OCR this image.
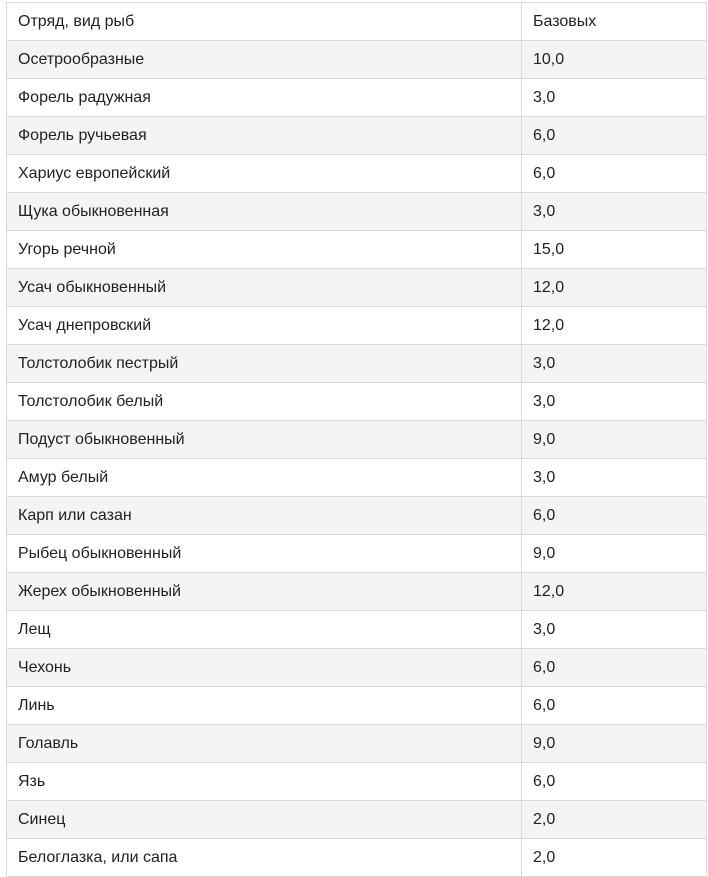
Отряд, вид рыб	Базовых
Осетрообразные	10,0
Форель радужная	3,0
Форель ручьевая	6,0
Хариус европейский	6,0
Щука обыкновенная	3,0
Угорь речной	15,0
Усач обыкновенный	12,0
Усач днепровский	12,0
Толстолобик пестрый	3,0
Толстолобик белый	3,0
Подуст обыкновенный	9,0
Амур белый	3,0
Карп или сазан	6,0
Рыбец обыкновенный	9,0
Жерех обыкновенный	12,0
Лещ	3,0
Чехонь	6,0
Линь	6,0
Голавль	9,0
Язь	6,0
Синец	2,0
Белоглазка, или сапа	2,0
